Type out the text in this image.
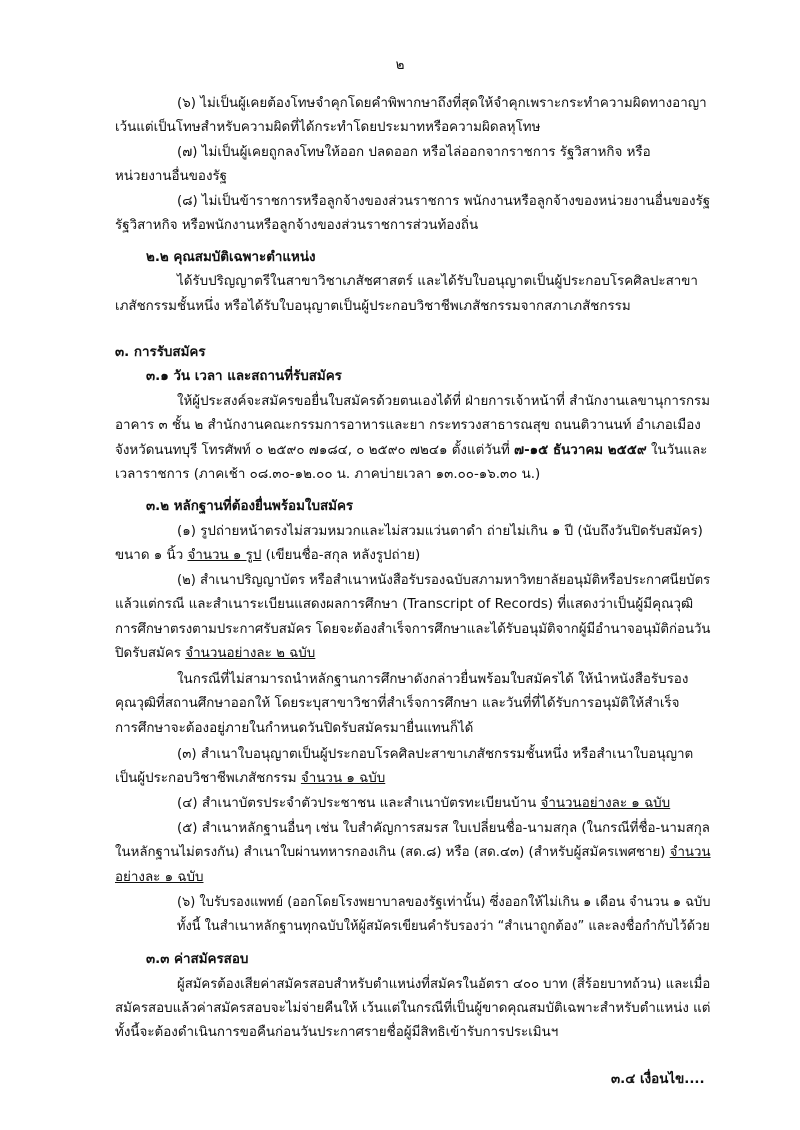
๒
(๖) ไม่เป็นผู้เคยต้องโทษจำคุกโดยคำพิพากษาถึงที่สุดให้จำคุกเพราะกระทำความผิดทางอาญา
เว้นแต่เป็นโทษสำหรับความผิดที่ได้กระทำโดยประมาทหรือความผิดลหุโทษ
(๗) ไม่เป็นผู้เคยถูกลงโทษให้ออก ปลดออก หรือไล่ออกจากราชการ รัฐวิสาหกิจ หรือ
หน่วยงานอื่นของรัฐ
(๘) ไม่เป็นข้าราชการหรือลูกจ้างของส่วนราชการ พนักงานหรือลูกจ้างของหน่วยงานอื่นของรัฐ
รัฐวิสาหกิจ หรือพนักงานหรือลูกจ้างของส่วนราชการส่วนท้องถิ่น
๒.๒ คุณสมบัติเฉพาะตำแหน่ง
ได้รับปริญญาตรีในสาขาวิชาเภสัชศาสตร์ และได้รับใบอนุญาตเป็นผู้ประกอบโรคศิลปะสาขา
เภสัชกรรมชั้นหนึ่ง หรือได้รับใบอนุญาตเป็นผู้ประกอบวิชาชีพเภสัชกรรมจากสภาเภสัชกรรม
๓. การรับสมัคร
๓.๑ วัน เวลา และสถานที่รับสมัคร
ให้ผู้ประสงค์จะสมัครขอยื่นใบสมัครด้วยตนเองได้ที่ ฝ่ายการเจ้าหน้าที่ สำนักงานเลขานุการกรม
อาคาร ๓ ชั้น ๒ สำนักงานคณะกรรมการอาหารและยา กระทรวงสาธารณสุข ถนนติวานนท์ อำเภอเมือง
จังหวัดนนทบุรี โทรศัพท์ ๐ ๒๕๙๐ ๗๑๘๔, ๐ ๒๕๙๐ ๗๒๔๑ ตั้งแต่วันที่ ๗-๑๕ ธันวาคม ๒๕๕๙ ในวันและ
เวลาราชการ (ภาคเช้า ๐๘.๓๐-๑๒.๐๐ น. ภาคบ่ายเวลา ๑๓.๐๐-๑๖.๓๐ น.)
๓.๒ หลักฐานที่ต้องยื่นพร้อมใบสมัคร
(๑) รูปถ่ายหน้าตรงไม่สวมหมวกและไม่สวมแว่นตาดำ ถ่ายไม่เกิน ๑ ปี (นับถึงวันปิดรับสมัคร)
ขนาด ๑ นิ้ว จำนวน ๑ รูป (เขียนชื่อ-สกุล หลังรูปถ่าย)
(๒) สำเนาปริญญาบัตร หรือสำเนาหนังสือรับรองฉบับสภามหาวิทยาลัยอนุมัติหรือประกาศนียบัตร
แล้วแต่กรณี และสำเนาระเบียนแสดงผลการศึกษา (Transcript of Records) ที่แสดงว่าเป็นผู้มีคุณวุฒิ
การศึกษาตรงตามประกาศรับสมัคร โดยจะต้องสำเร็จการศึกษาและได้รับอนุมัติจากผู้มีอำนาจอนุมัติก่อนวัน
ปิดรับสมัคร จำนวนอย่างละ ๒ ฉบับ
ในกรณีที่ไม่สามารถนำหลักฐานการศึกษาดังกล่าวยื่นพร้อมใบสมัครได้ ให้นำหนังสือรับรอง
คุณวุฒิที่สถานศึกษาออกให้ โดยระบุสาขาวิชาที่สำเร็จการศึกษา และวันที่ที่ได้รับการอนุมัติให้สำเร็จ
การศึกษาจะต้องอยู่ภายในกำหนดวันปิดรับสมัครมายื่นแทนก็ได้
(๓) สำเนาใบอนุญาตเป็นผู้ประกอบโรคศิลปะสาขาเภสัชกรรมชั้นหนึ่ง หรือสำเนาใบอนุญาต
เป็นผู้ประกอบวิชาชีพเภสัชกรรม จำนวน ๑ ฉบับ
(๔) สำเนาบัตรประจำตัวประชาชน และสำเนาบัตรทะเบียนบ้าน จำนวนอย่างละ ๑ ฉบับ
(๕) สำเนาหลักฐานอื่นๆ เช่น ใบสำคัญการสมรส ใบเปลี่ยนชื่อ-นามสกุล (ในกรณีที่ชื่อ-นามสกุล
ในหลักฐานไม่ตรงกัน) สำเนาใบผ่านทหารกองเกิน (สด.๘) หรือ (สด.๔๓) (สำหรับผู้สมัครเพศชาย) จำนวน
อย่างละ ๑ ฉบับ
(๖) ใบรับรองแพทย์ (ออกโดยโรงพยาบาลของรัฐเท่านั้น) ซึ่งออกให้ไม่เกิน ๑ เดือน จำนวน ๑ ฉบับ
ทั้งนี้ ในสำเนาหลักฐานทุกฉบับให้ผู้สมัครเขียนคำรับรองว่า “สำเนาถูกต้อง” และลงชื่อกำกับไว้ด้วย
๓.๓ ค่าสมัครสอบ
ผู้สมัครต้องเสียค่าสมัครสอบสำหรับตำแหน่งที่สมัครในอัตรา ๔๐๐ บาท (สี่ร้อยบาทถ้วน) และเมื่อ
สมัครสอบแล้วค่าสมัครสอบจะไม่จ่ายคืนให้ เว้นแต่ในกรณีที่เป็นผู้ขาดคุณสมบัติเฉพาะสำหรับตำแหน่ง แต่
ทั้งนี้จะต้องดำเนินการขอคืนก่อนวันประกาศรายชื่อผู้มีสิทธิเข้ารับการประเมินฯ
๓.๔ เงื่อนไข....
